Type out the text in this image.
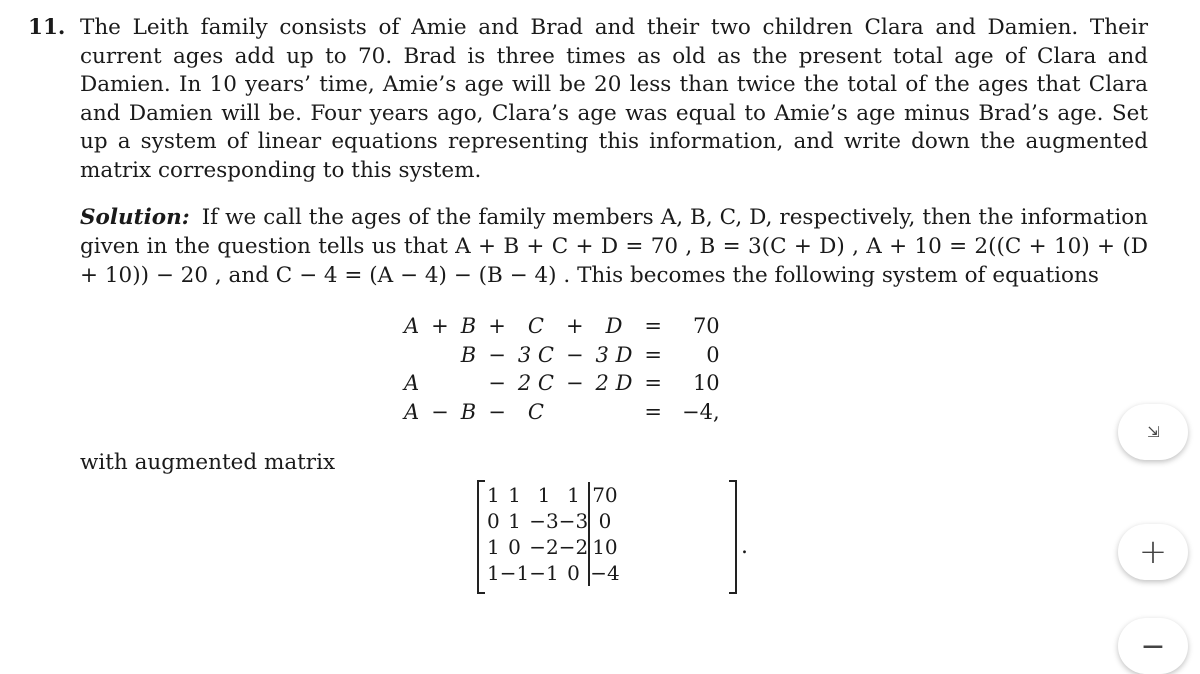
11. The Leith family consists of Amie and Brad and their two children Clara and Damien. Their current ages add up to 70. Brad is three times as old as the present total age of Clara and Damien. In 10 years’ time, Amie’s age will be 20 less than twice the total of the ages that Clara and Damien will be. Four years ago, Clara’s age was equal to Amie’s age minus Brad’s age. Set up a system of linear equations representing this information, and write down the augmented matrix corresponding to this system.
Solution: If we call the ages of the family members A, B, C, D, respectively, then the information given in the question tells us that A + B + C + D = 70 , B = 3(C + D) , A + 10 = 2((C + 10) + (D + 10)) − 20 , and C − 4 = (A − 4) − (B − 4) . This becomes the following system of equations
A	+	B	+	C	+	D	=	70
		B	−	3 C	−	3 D	=	0
A			−	2 C	−	2 D	=	10
A	−	B	−	C			=	−4,
with augmented matrix
1	1	1	1	70
0	1	−3	−3	0
1	0	−2	−2	10
1	−1	−1	0	−4
.
⇲
+
−
